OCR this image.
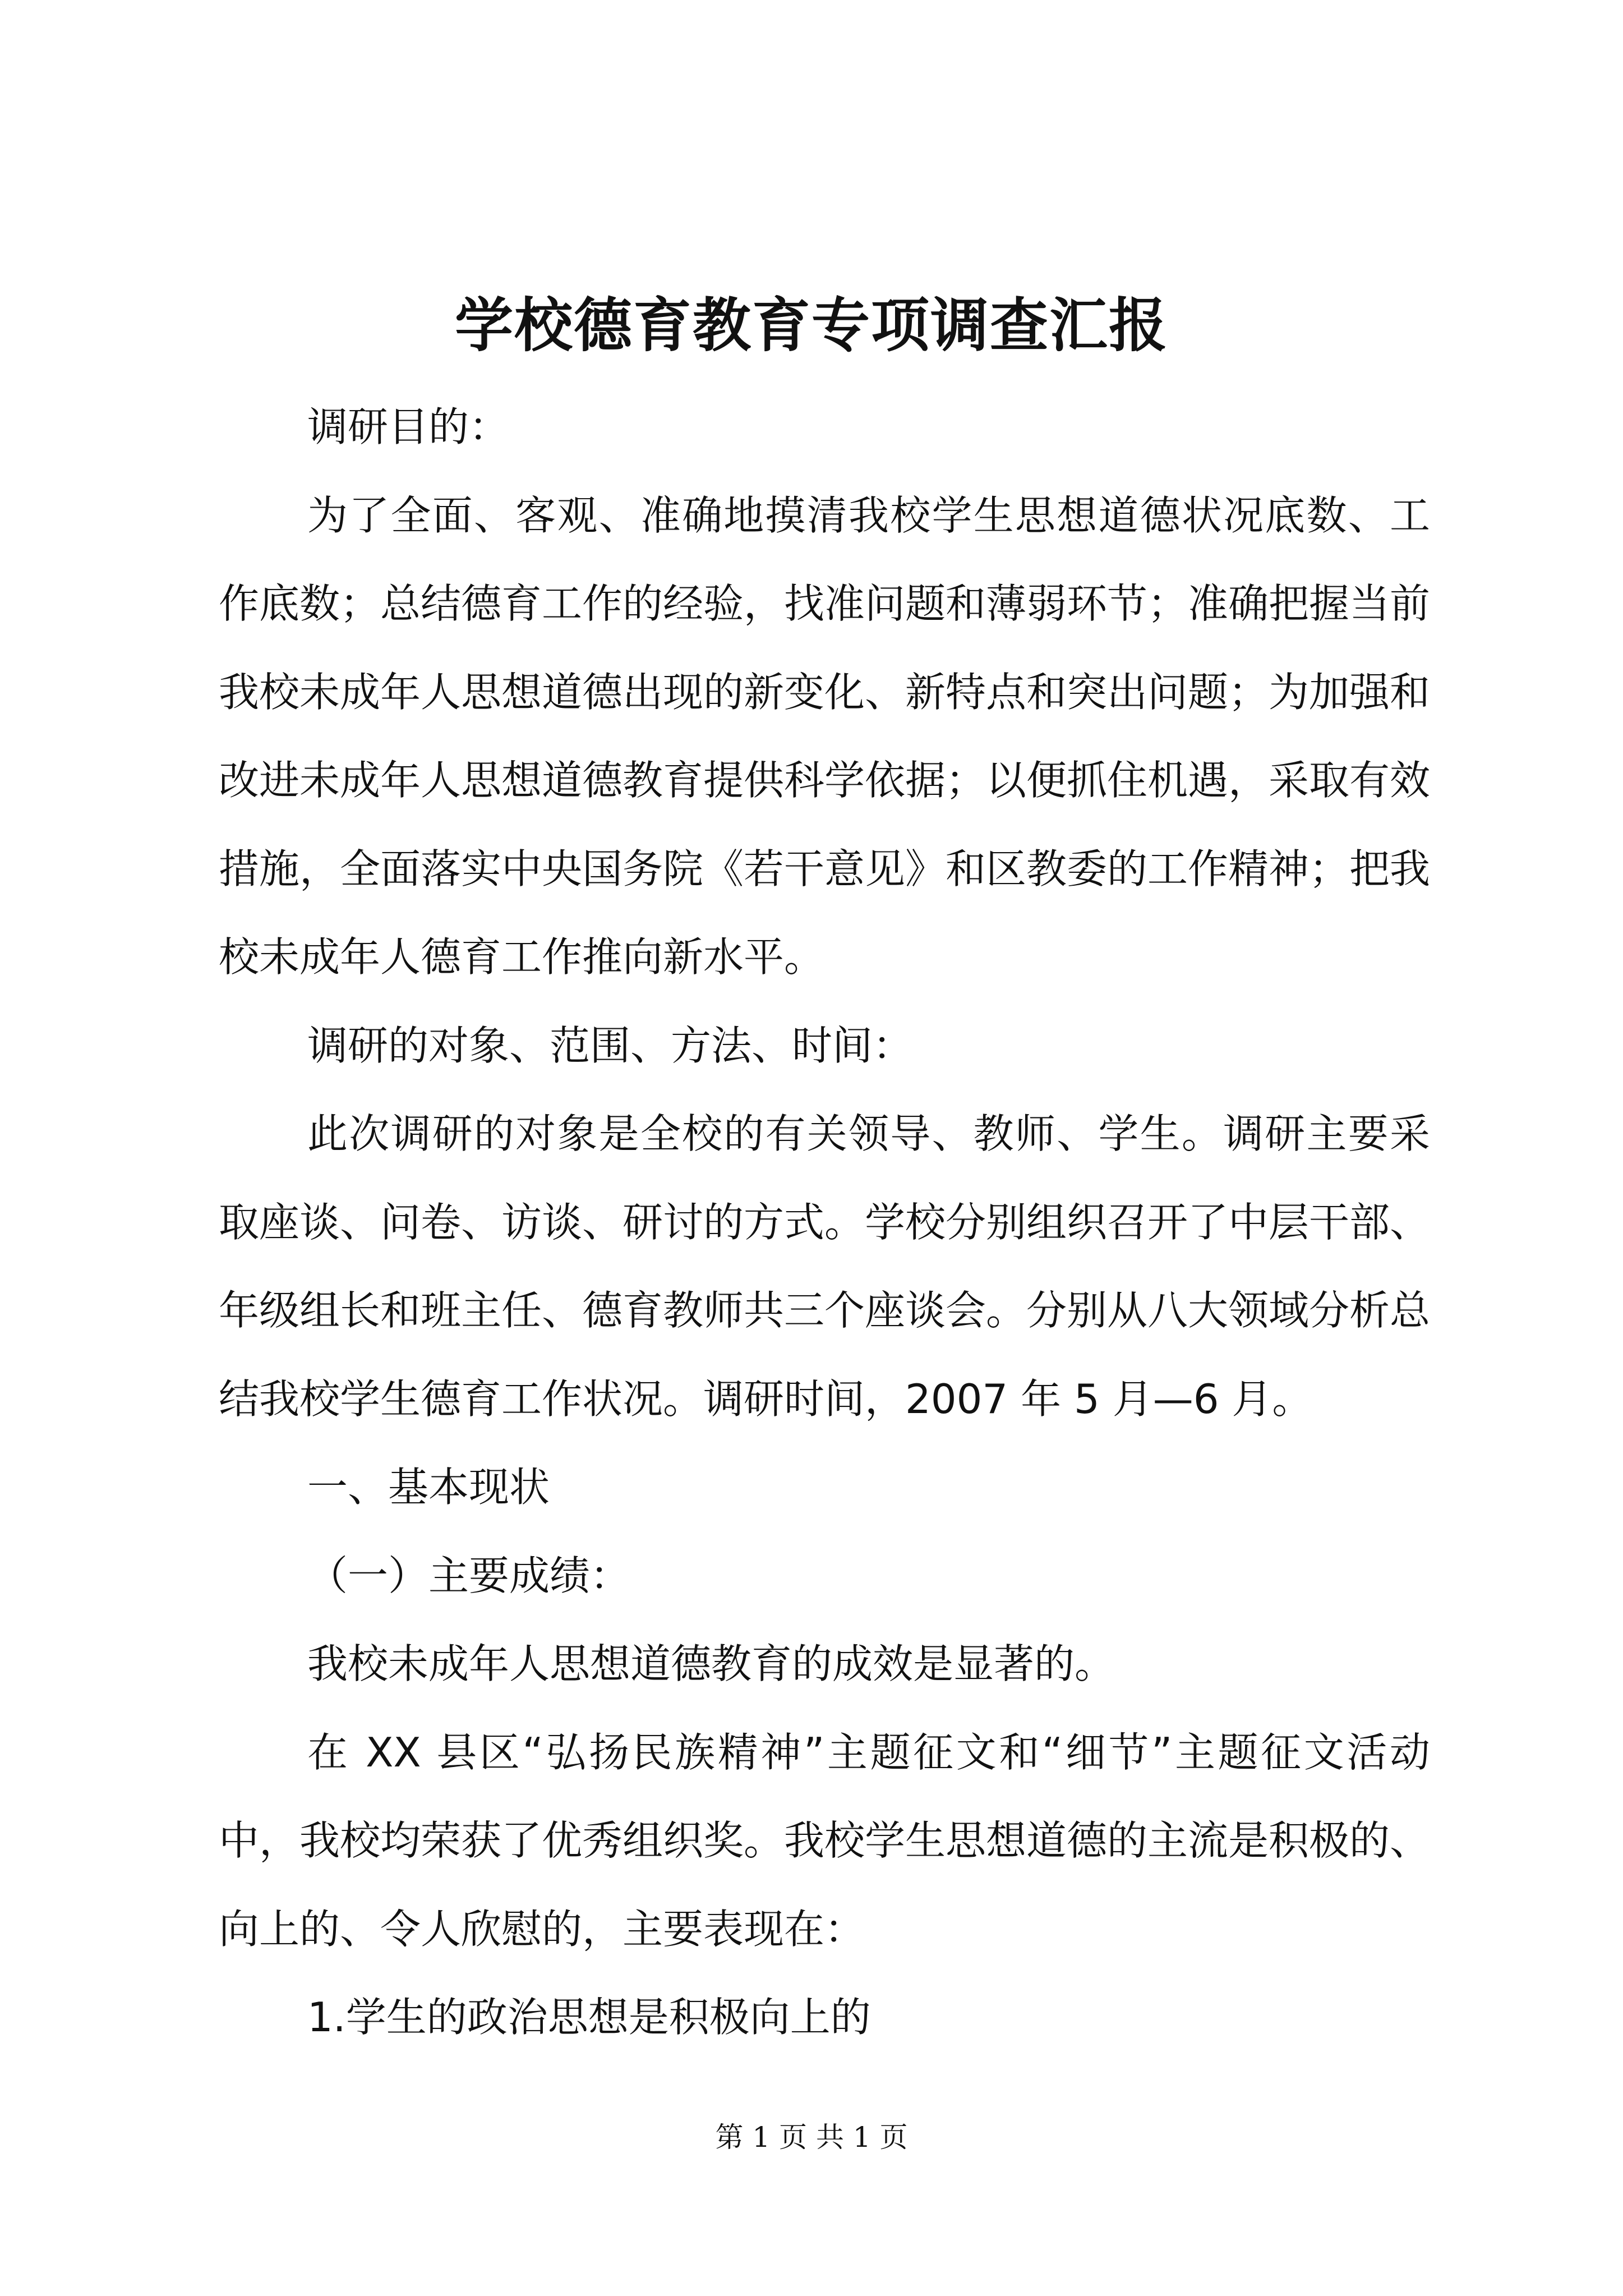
学校德育教育专项调查汇报

调研目的：

为了全面、客观、准确地摸清我校学生思想道德状况底数、工作底数；总结德育工作的经验，找准问题和薄弱环节；准确把握当前我校未成年人思想道德出现的新变化、新特点和突出问题；为加强和改进未成年人思想道德教育提供科学依据；以便抓住机遇，采取有效措施，全面落实中央国务院《若干意见》和区教委的工作精神；把我校未成年人德育工作推向新水平。

调研的对象、范围、方法、时间：

此次调研的对象是全校的有关领导、教师、学生。调研主要采取座谈、问卷、访谈、研讨的方式。学校分别组织召开了中层干部、年级组长和班主任、德育教师共三个座谈会。分别从八大领域分析总结我校学生德育工作状况。调研时间，2007 年 5 月—6 月。

一、基本现状

（一）主要成绩：

我校未成年人思想道德教育的成效是显著的。

在 XX 县区“弘扬民族精神”主题征文和“细节”主题征文活动中，我校均荣获了优秀组织奖。我校学生思想道德的主流是积极的、向上的、令人欣慰的，主要表现在：

1.学生的政治思想是积极向上的

第 1 页 共 1 页
